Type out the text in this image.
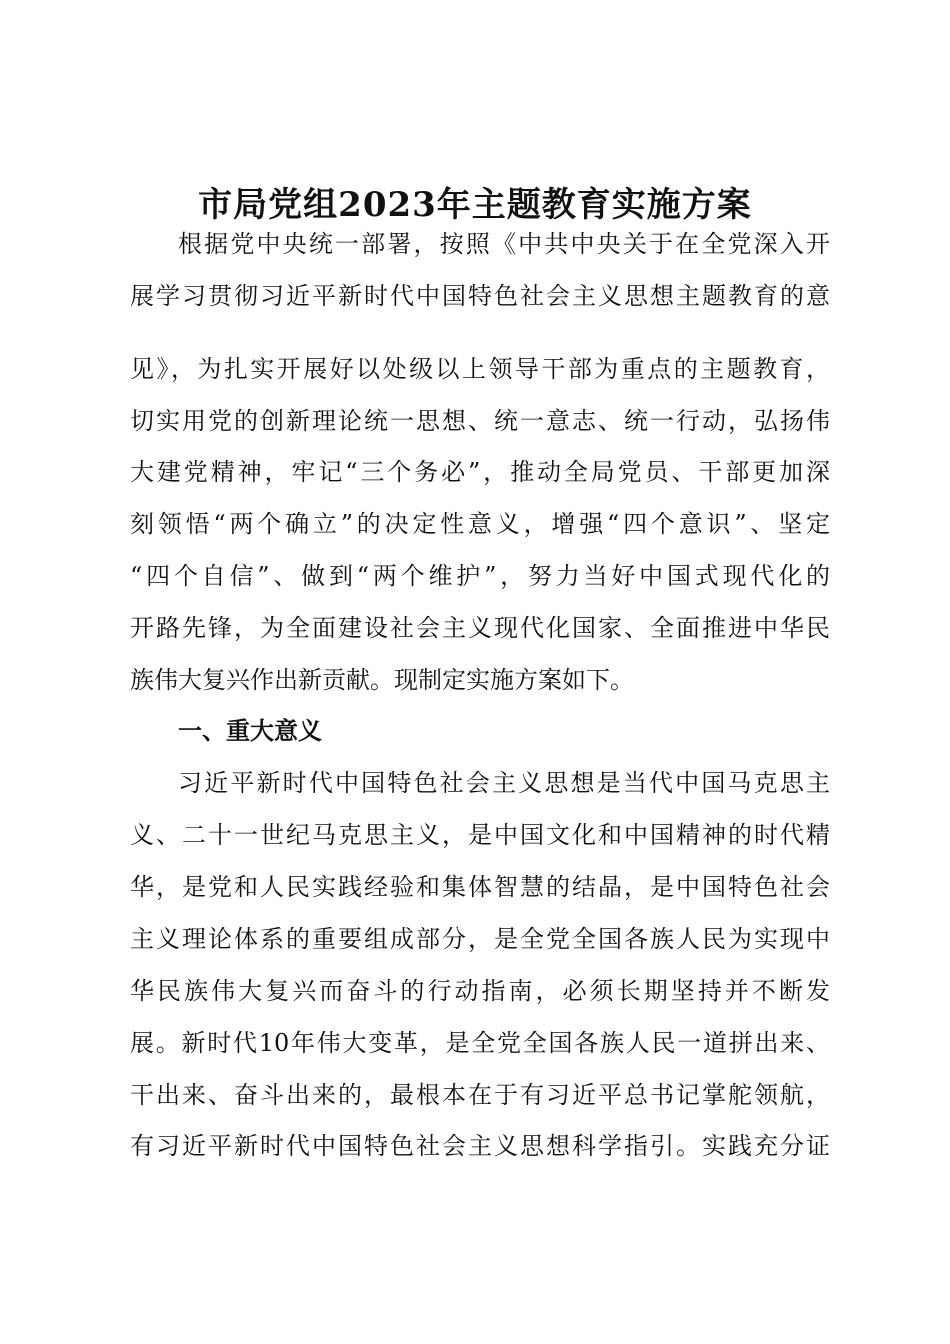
市局党组2023年主题教育实施方案
根据党中央统一部署，按照《中共中央关于在全党深入开
展学习贯彻习近平新时代中国特色社会主义思想主题教育的意
见》，为扎实开展好以处级以上领导干部为重点的主题教育，
切实用党的创新理论统一思想、统一意志、统一行动，弘扬伟
大建党精神，牢记“三个务必”，推动全局党员、干部更加深
刻领悟“两个确立”的决定性意义，增强“四个意识”、坚定
“四个自信”、做到“两个维护”，努力当好中国式现代化的
开路先锋，为全面建设社会主义现代化国家、全面推进中华民
族伟大复兴作出新贡献。现制定实施方案如下。
一、重大意义
习近平新时代中国特色社会主义思想是当代中国马克思主
义、二十一世纪马克思主义，是中国文化和中国精神的时代精
华，是党和人民实践经验和集体智慧的结晶，是中国特色社会
主义理论体系的重要组成部分，是全党全国各族人民为实现中
华民族伟大复兴而奋斗的行动指南，必须长期坚持并不断发
展。新时代10年伟大变革，是全党全国各族人民一道拼出来、
干出来、奋斗出来的，最根本在于有习近平总书记掌舵领航，
有习近平新时代中国特色社会主义思想科学指引。实践充分证
